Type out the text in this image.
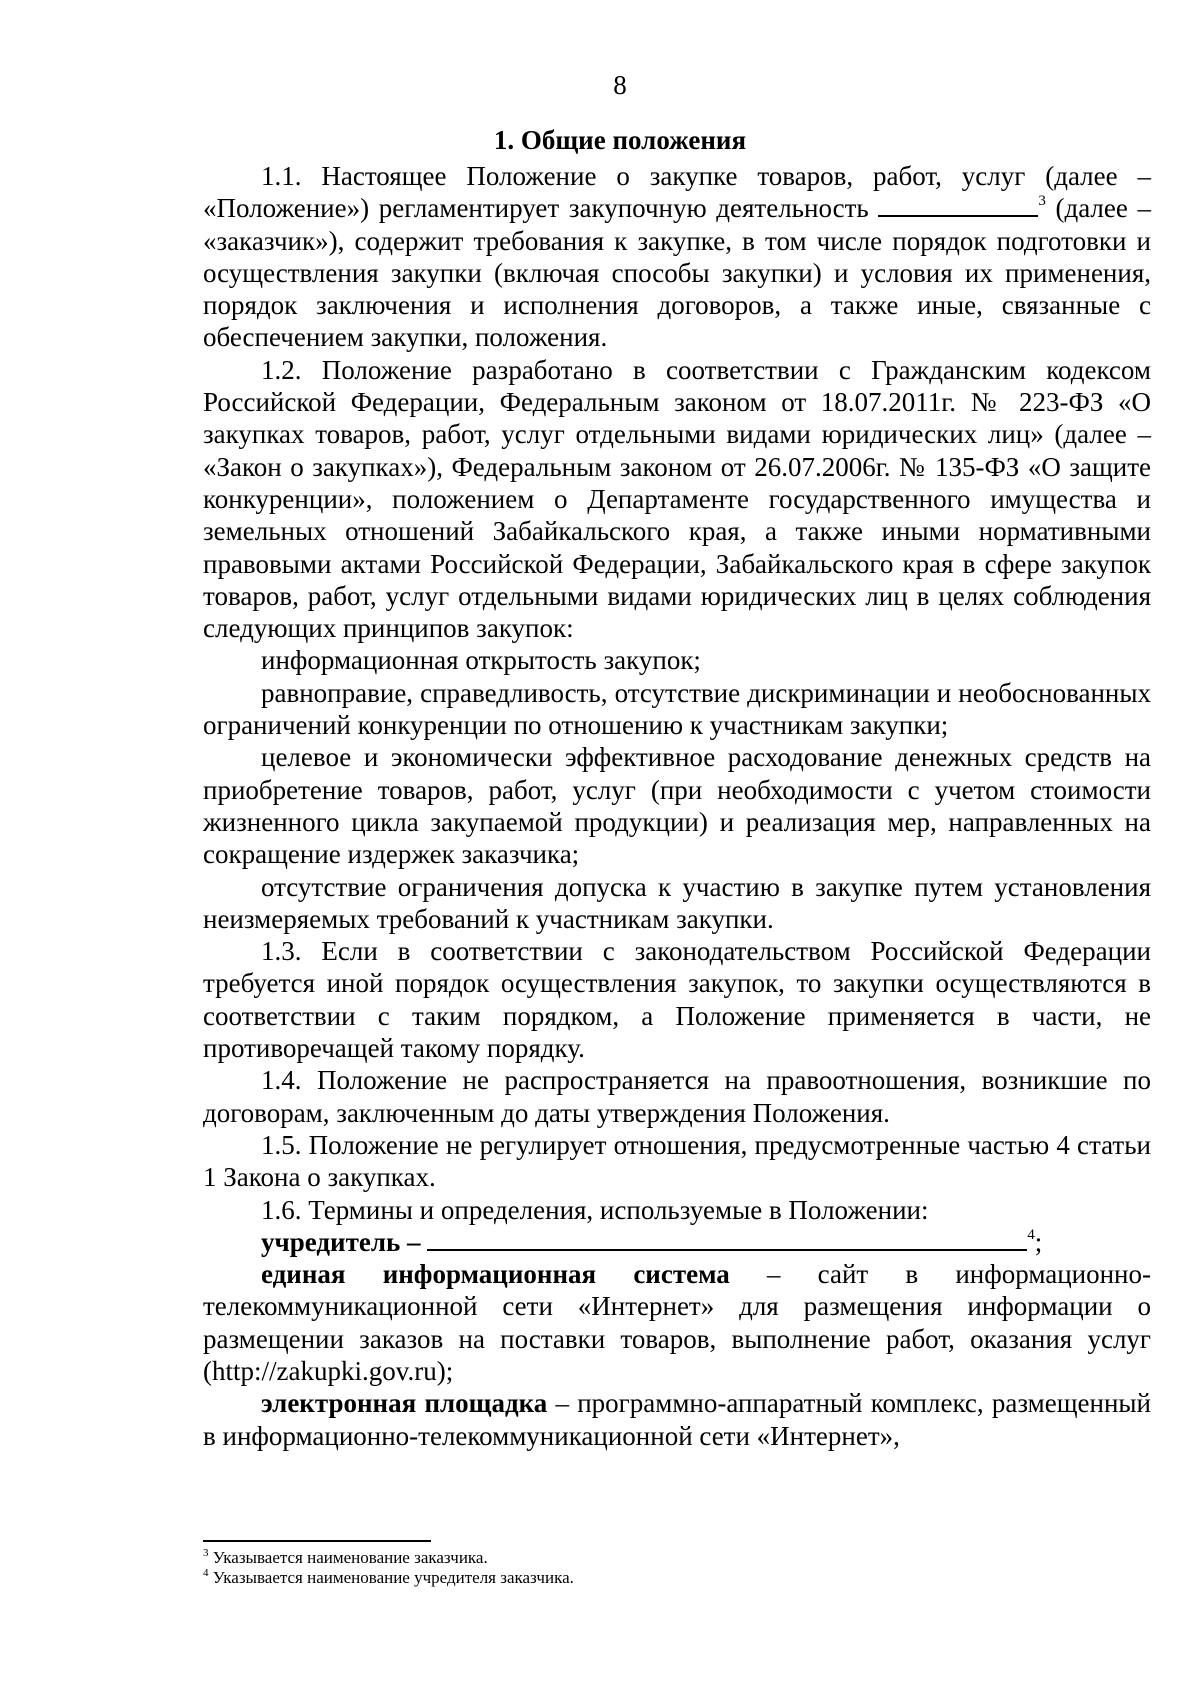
8
1. Общие положения

1.1. Настоящее Положение о закупке товаров, работ, услуг (далее – «Положение») регламентирует закупочную деятельность	$^3$ (далее – «заказчик»), содержит требования к закупке, в том числе порядок подготовки и осуществления закупки (включая способы закупки) и условия их применения, порядок заключения и исполнения договоров, а также иные, связанные с обеспечением закупки, положения.

1.2. Положение разработано в соответствии с Гражданским кодексом Российской Федерации, Федеральным законом от 18.07.2011г. № 223-ФЗ «О закупках товаров, работ, услуг отдельными видами юридических лиц» (далее – «Закон о закупках»), Федеральным законом от 26.07.2006г. № 135-ФЗ «О защите конкуренции», положением о Департаменте государственного имущества и земельных отношений Забайкальского края, а также иными нормативными правовыми актами Российской Федерации, Забайкальского края в сфере закупок товаров, работ, услуг отдельными видами юридических лиц в целях соблюдения следующих принципов закупок:

информационная открытость закупок;

равноправие, справедливость, отсутствие дискриминации и необоснованных ограничений конкуренции по отношению к участникам закупки;

целевое и экономически эффективное расходование денежных средств на приобретение товаров, работ, услуг (при необходимости с учетом стоимости жизненного цикла закупаемой продукции) и реализация мер, направленных на сокращение издержек заказчика;

отсутствие ограничения допуска к участию в закупке путем установления неизмеряемых требований к участникам закупки.

1.3. Если в соответствии с законодательством Российской Федерации требуется иной порядок осуществления закупок, то закупки осуществляются в соответствии с таким порядком, а Положение применяется в части, не противоречащей такому порядку.

1.4. Положение не распространяется на правоотношения, возникшие по договорам, заключенным до даты утверждения Положения.

1.5. Положение не регулирует отношения, предусмотренные частью 4 статьи 1 Закона о закупках.

1.6. Термины и определения, используемые в Положении:

учредитель –	$^4$;

единая информационная система – сайт в информационно-телекоммуникационной сети «Интернет» для размещения информации о размещении заказов на поставки товаров, выполнение работ, оказания услуг (http://zakupki.gov.ru);

электронная площадка – программно-аппаратный комплекс, размещенный в информационно-телекоммуникационной сети «Интернет»,

$^3$ Указывается наименование заказчика.
$^4$ Указывается наименование учредителя заказчика.
